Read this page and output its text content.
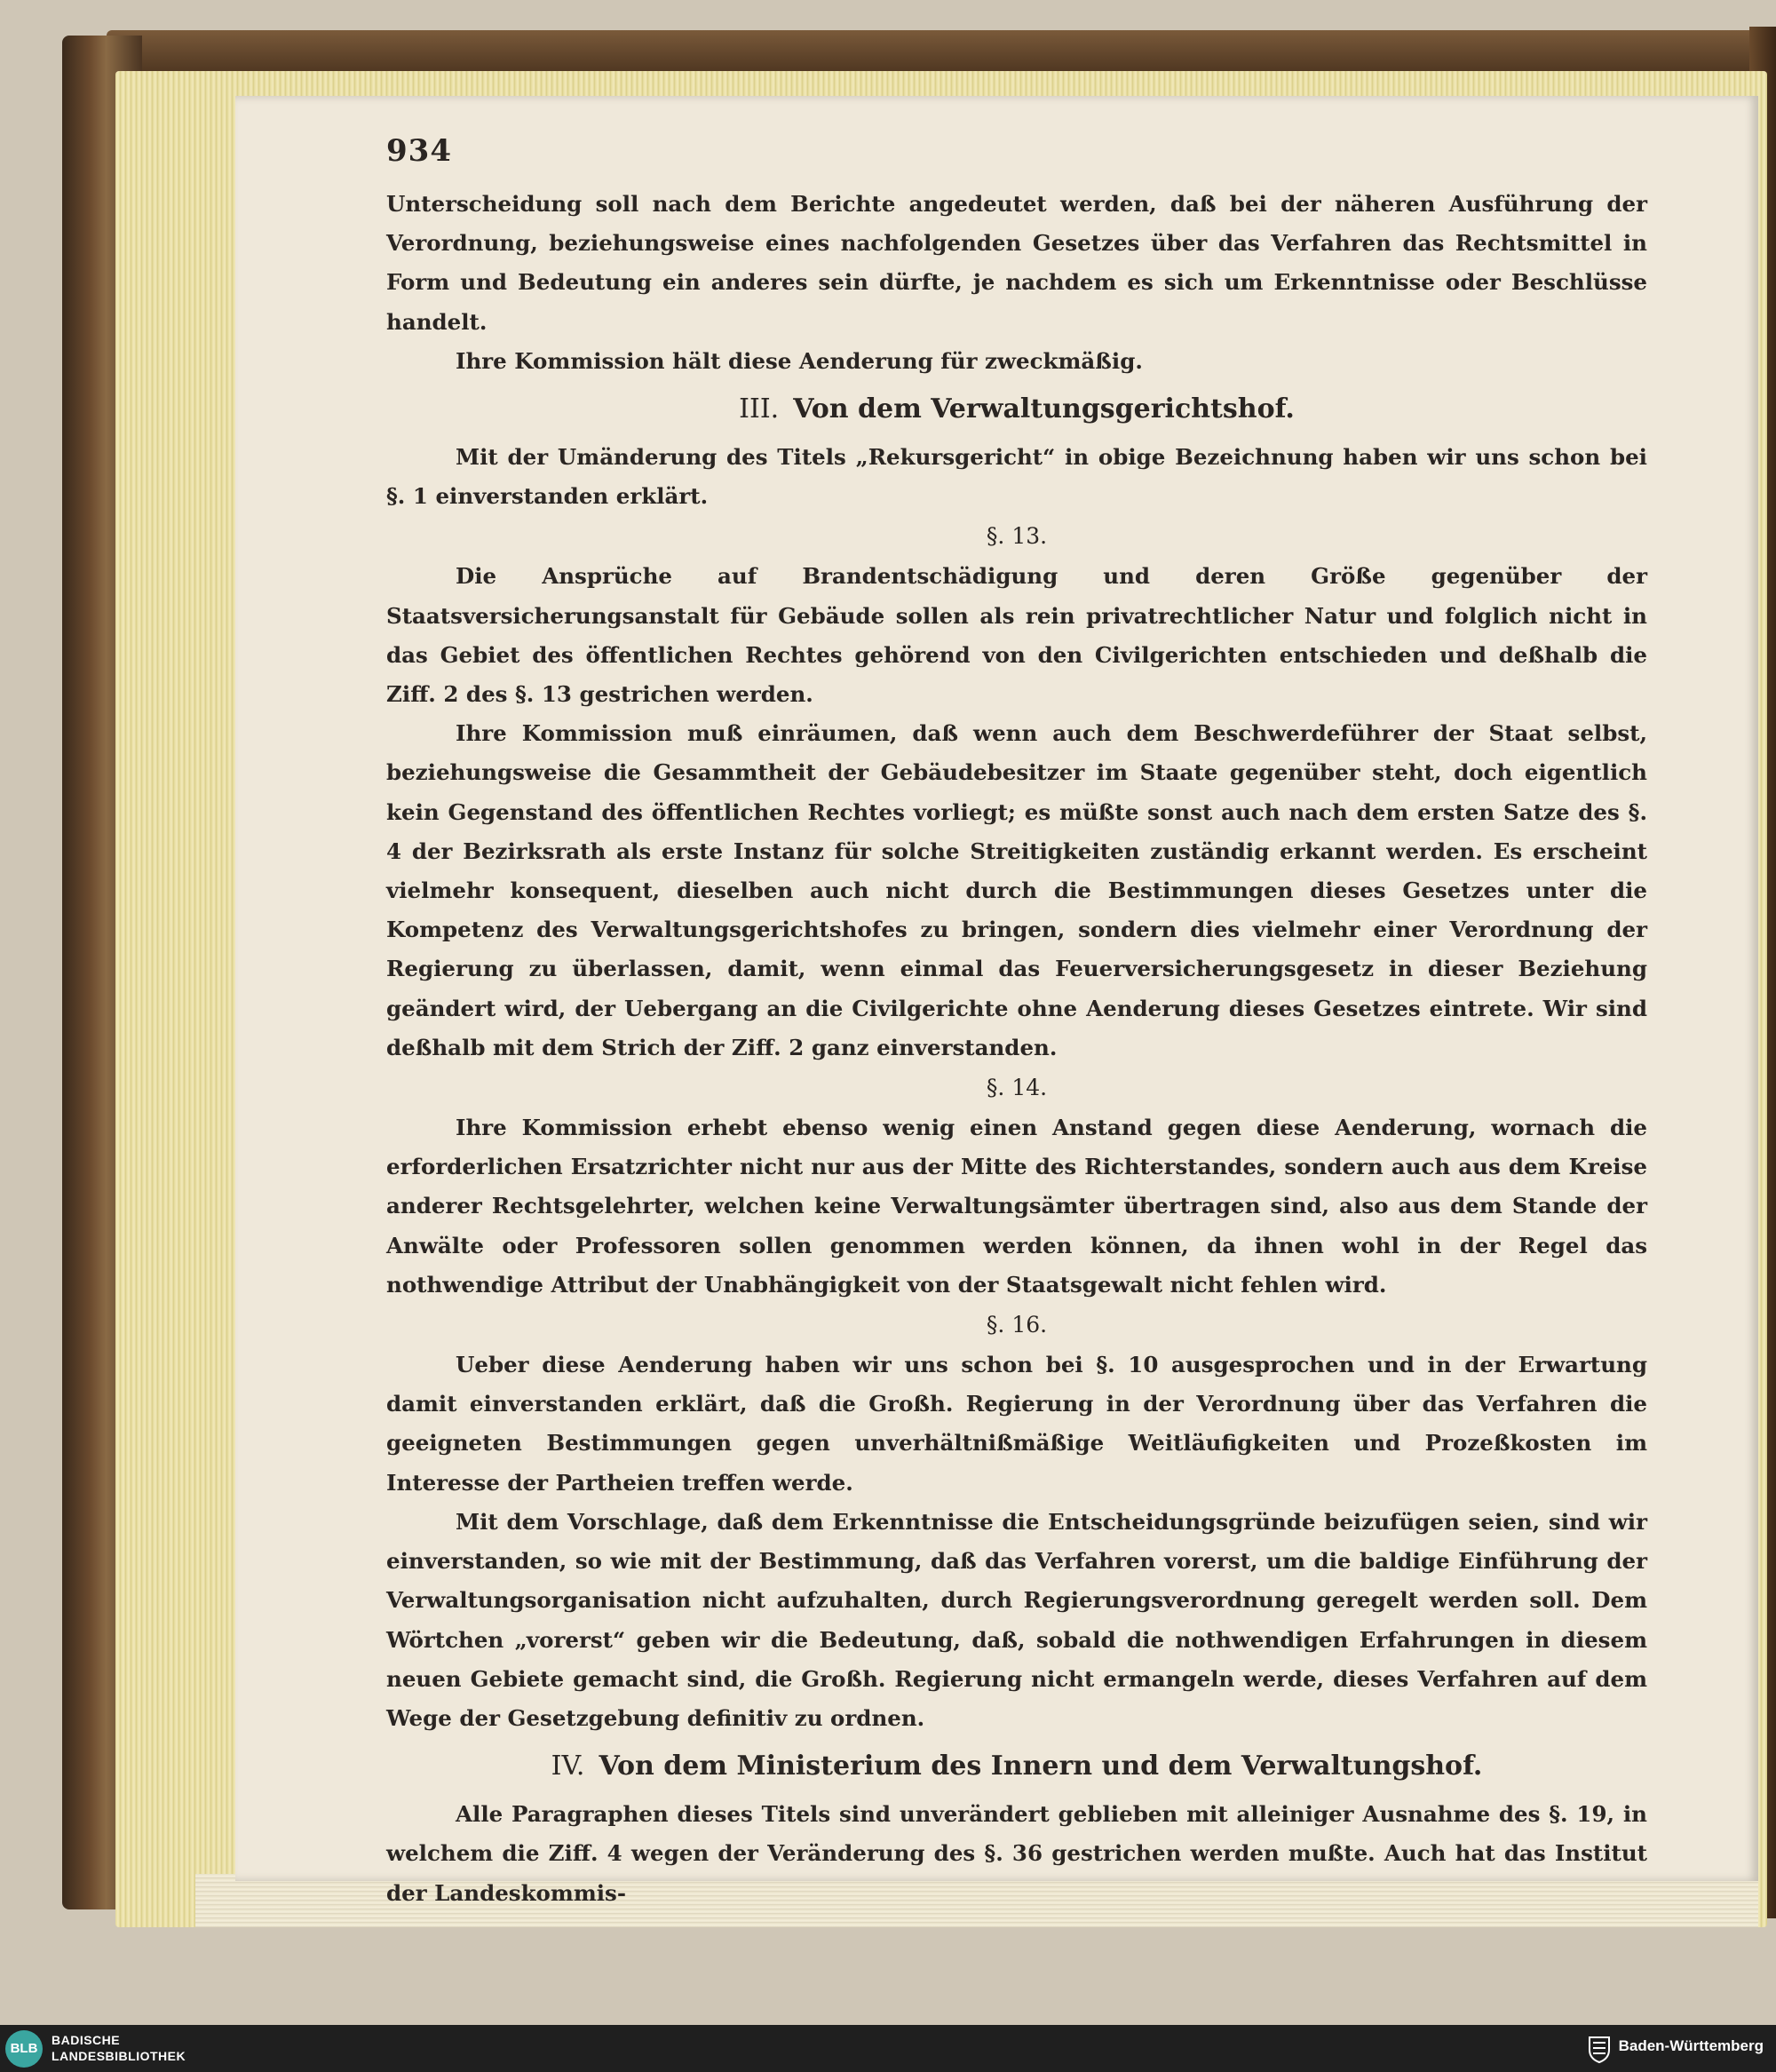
934

Unterscheidung soll nach dem Berichte angedeutet werden, daß bei der näheren Ausführung der Verordnung, beziehungsweise eines nachfolgenden Gesetzes über das Verfahren das Rechtsmittel in Form und Bedeutung ein anderes sein dürfte, je nachdem es sich um Erkenntnisse oder Beschlüsse handelt.

Ihre Kommission hält diese Aenderung für zweckmäßig.

III. Von dem Verwaltungsgerichtshof.

Mit der Umänderung des Titels „Rekursgericht“ in obige Bezeichnung haben wir uns schon bei §. 1 einverstanden erklärt.

§. 13.

Die Ansprüche auf Brandentschädigung und deren Größe gegenüber der Staatsversicherungsanstalt für Gebäude sollen als rein privatrechtlicher Natur und folglich nicht in das Gebiet des öffentlichen Rechtes gehörend von den Civilgerichten entschieden und deßhalb die Ziff. 2 des §. 13 gestrichen werden.

Ihre Kommission muß einräumen, daß wenn auch dem Beschwerdeführer der Staat selbst, beziehungsweise die Gesammtheit der Gebäudebesitzer im Staate gegenüber steht, doch eigentlich kein Gegenstand des öffentlichen Rechtes vorliegt; es müßte sonst auch nach dem ersten Satze des §. 4 der Bezirksrath als erste Instanz für solche Streitigkeiten zuständig erkannt werden. Es erscheint vielmehr konsequent, dieselben auch nicht durch die Bestimmungen dieses Gesetzes unter die Kompetenz des Verwaltungsgerichtshofes zu bringen, sondern dies vielmehr einer Verordnung der Regierung zu überlassen, damit, wenn einmal das Feuerversicherungsgesetz in dieser Beziehung geändert wird, der Uebergang an die Civilgerichte ohne Aenderung dieses Gesetzes eintrete. Wir sind deßhalb mit dem Strich der Ziff. 2 ganz einverstanden.

§. 14.

Ihre Kommission erhebt ebenso wenig einen Anstand gegen diese Aenderung, wornach die erforderlichen Ersatzrichter nicht nur aus der Mitte des Richterstandes, sondern auch aus dem Kreise anderer Rechtsgelehrter, welchen keine Verwaltungsämter übertragen sind, also aus dem Stande der Anwälte oder Professoren sollen genommen werden können, da ihnen wohl in der Regel das nothwendige Attribut der Unabhängigkeit von der Staatsgewalt nicht fehlen wird.

§. 16.

Ueber diese Aenderung haben wir uns schon bei §. 10 ausgesprochen und in der Erwartung damit einverstanden erklärt, daß die Großh. Regierung in der Verordnung über das Verfahren die geeigneten Bestimmungen gegen unverhältnißmäßige Weitläufigkeiten und Prozeßkosten im Interesse der Partheien treffen werde.

Mit dem Vorschlage, daß dem Erkenntnisse die Entscheidungsgründe beizufügen seien, sind wir einverstanden, so wie mit der Bestimmung, daß das Verfahren vorerst, um die baldige Einführung der Verwaltungsorganisation nicht aufzuhalten, durch Regierungsverordnung geregelt werden soll. Dem Wörtchen „vorerst“ geben wir die Bedeutung, daß, sobald die nothwendigen Erfahrungen in diesem neuen Gebiete gemacht sind, die Großh. Regierung nicht ermangeln werde, dieses Verfahren auf dem Wege der Gesetzgebung definitiv zu ordnen.

IV. Von dem Ministerium des Innern und dem Verwaltungshof.

Alle Paragraphen dieses Titels sind unverändert geblieben mit alleiniger Ausnahme des §. 19, in welchem die Ziff. 4 wegen der Veränderung des §. 36 gestrichen werden mußte. Auch hat das Institut der Landeskommis-

BLB
BADISCHE
LANDESBIBLIOTHEK
Baden-Württemberg
